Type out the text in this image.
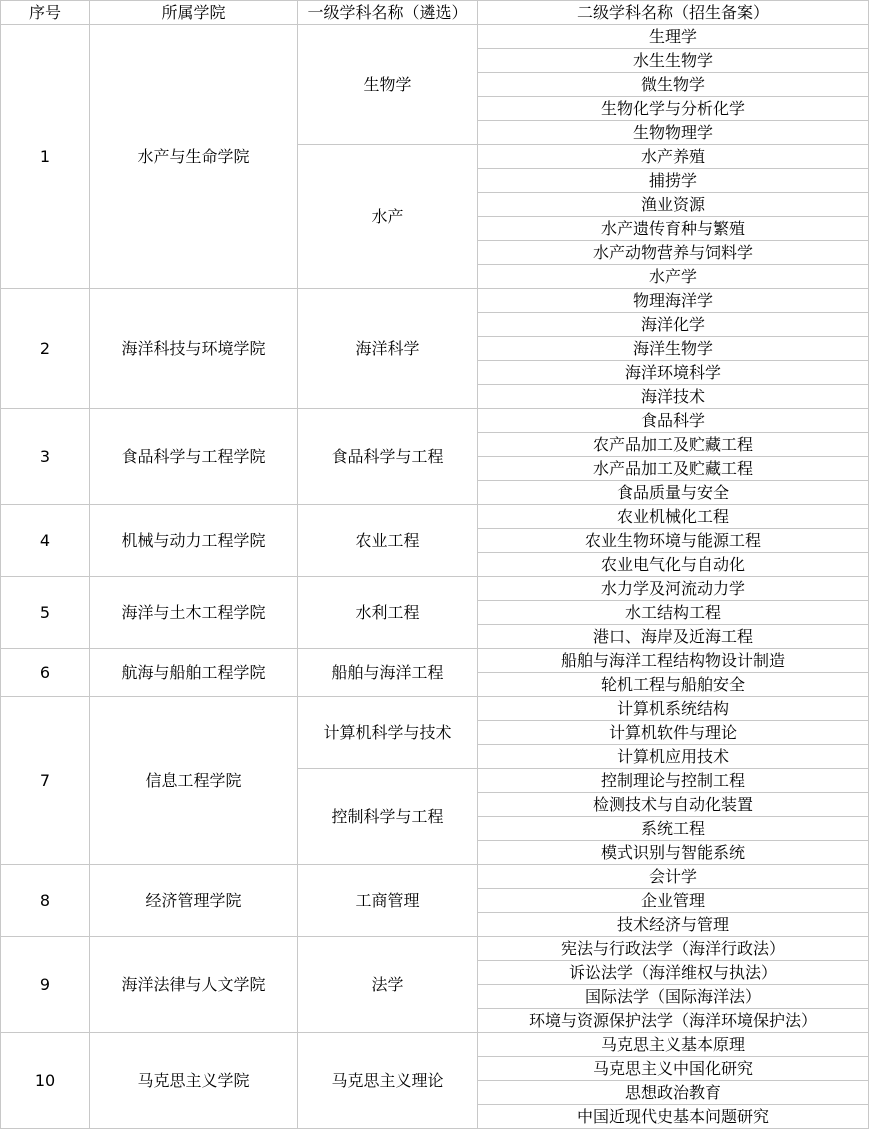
序号	所属学院	一级学科名称（遴选）	二级学科名称（招生备案）
1	水产与生命学院	生物学	生理学
			水生生物学
			微生物学
			生物化学与分析化学
			生物物理学
		水产	水产养殖
			捕捞学
			渔业资源
			水产遗传育种与繁殖
			水产动物营养与饲料学
			水产学
2	海洋科技与环境学院	海洋科学	物理海洋学
			海洋化学
			海洋生物学
			海洋环境科学
			海洋技术
3	食品科学与工程学院	食品科学与工程	食品科学
			农产品加工及贮藏工程
			水产品加工及贮藏工程
			食品质量与安全
4	机械与动力工程学院	农业工程	农业机械化工程
			农业生物环境与能源工程
			农业电气化与自动化
5	海洋与土木工程学院	水利工程	水力学及河流动力学
			水工结构工程
			港口、海岸及近海工程
6	航海与船舶工程学院	船舶与海洋工程	船舶与海洋工程结构物设计制造
			轮机工程与船舶安全
7	信息工程学院	计算机科学与技术	计算机系统结构
			计算机软件与理论
			计算机应用技术
		控制科学与工程	控制理论与控制工程
			检测技术与自动化装置
			系统工程
			模式识别与智能系统
8	经济管理学院	工商管理	会计学
			企业管理
			技术经济与管理
9	海洋法律与人文学院	法学	宪法与行政法学（海洋行政法）
			诉讼法学（海洋维权与执法）
			国际法学（国际海洋法）
			环境与资源保护法学（海洋环境保护法）
10	马克思主义学院	马克思主义理论	马克思主义基本原理
			马克思主义中国化研究
			思想政治教育
			中国近现代史基本问题研究
